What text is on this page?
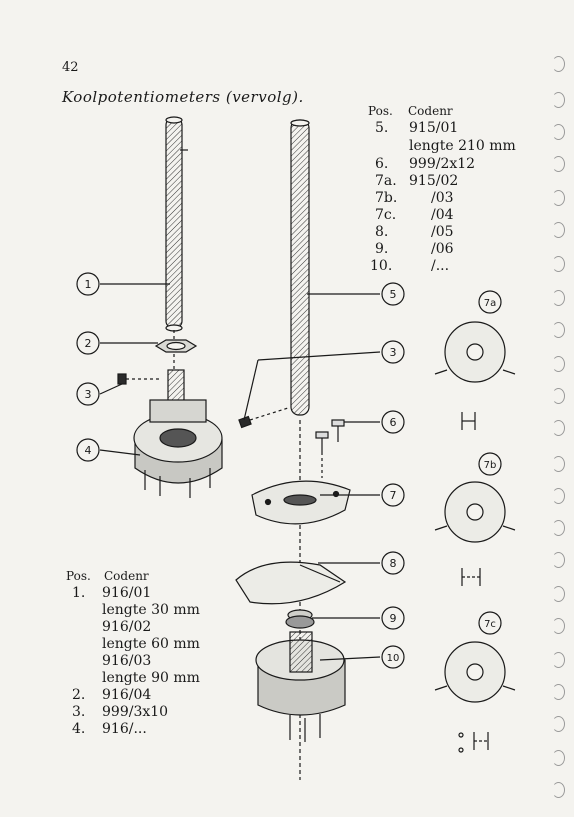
42
Koolpotentiometers (vervolg).
Pos. Codenr
5. 915/01
lengte 210 mm
6. 999/2x12
7a. 915/02
7b. /03
7c. /04
8.	/05
9.	/06
10.	/...
Pos. Codenr
1. 916/01
lengte 30 mm
916/02
lengte 60 mm
916/03
lengte 90 mm
2. 916/04
3. 999/3x10
4. 916/...
1
2
3
4
5
3
6
7
8
9
10
7a
7b
7c
